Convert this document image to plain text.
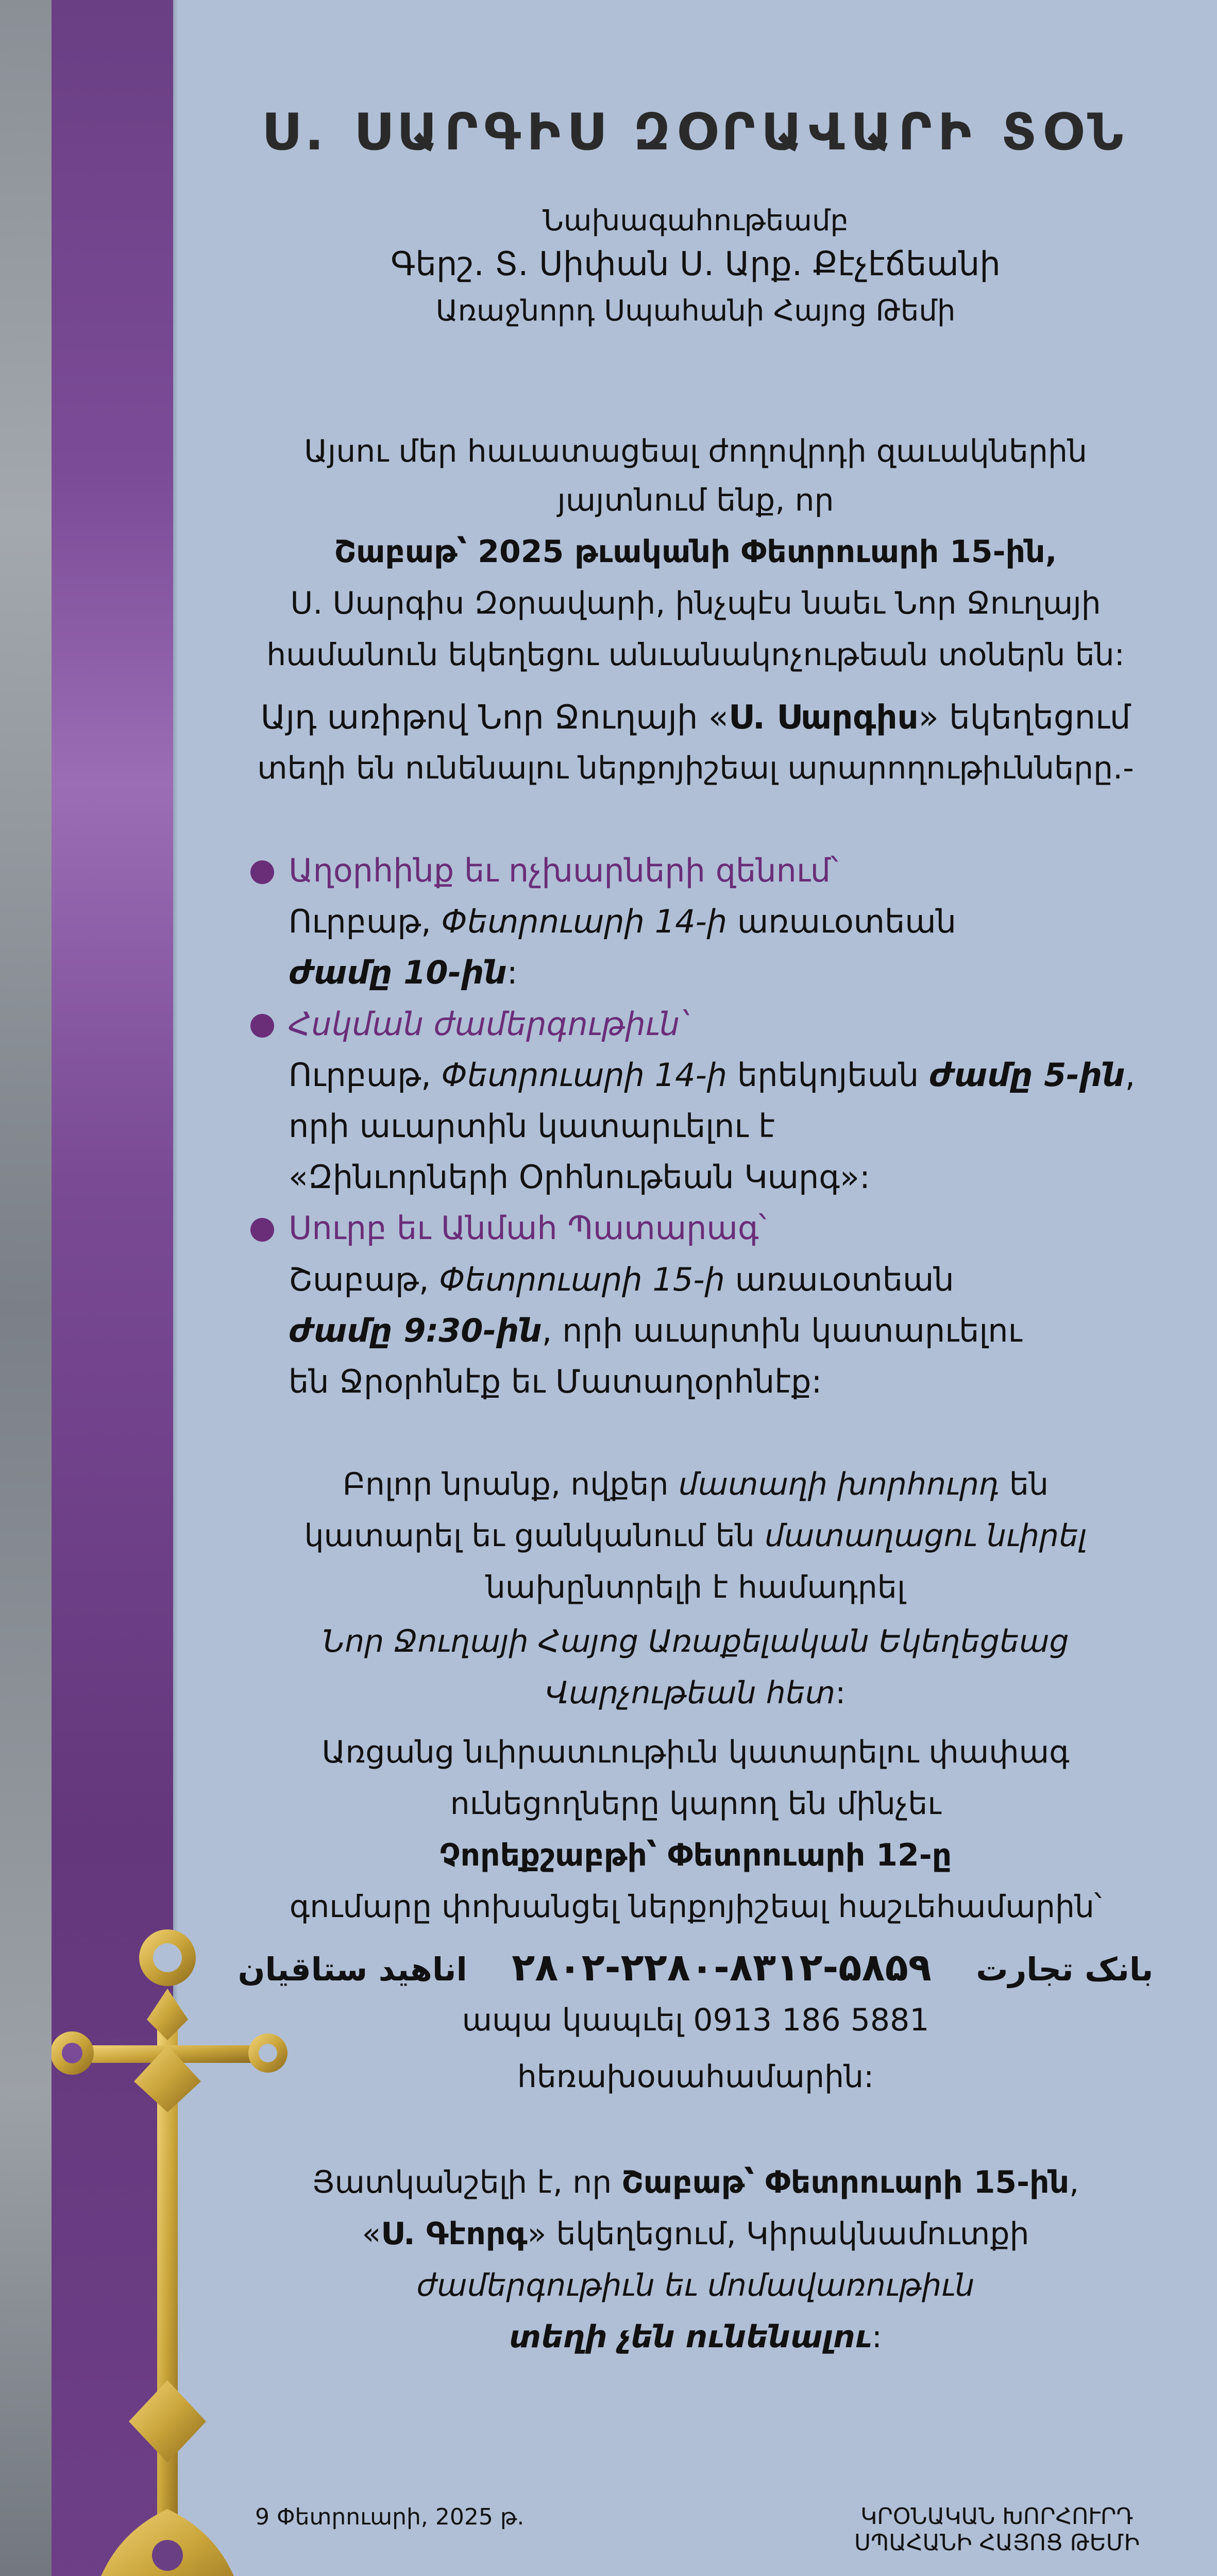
Ս. ՍԱՐԳԻՍ ԶՕՐԱՎԱՐԻ ՏՕՆ
Նախագահութեամբ
Գերշ. Տ. Սիփան Ս. Արք. Քէչէճեանի
Առաջնորդ Սպահանի Հայոց Թեմի
Այսու մեր հաւատացեալ ժողովրդի զաւակներին
յայտնում ենք, որ
Շաբաթ՝ 2025 թւականի Փետրուարի 15-ին,
Ս. Սարգիս Զօրավարի, ինչպէս նաեւ Նոր Ջուղայի
համանուն եկեղեցու անւանակոչութեան տօներն են:
Այդ առիթով Նոր Ջուղայի «Ս. Սարգիս» եկեղեցում
տեղի են ունենալու ներքոյիշեալ արարողութիւնները.-
Աղօրհինք եւ ոչխարների զենում՝
Ուրբաթ, Փետրուարի 14-ի առաւօտեան
ժամը 10-ին:
Հսկման ժամերգութիւն՝
Ուրբաթ, Փետրուարի 14-ի երեկոյեան ժամը 5-ին,
որի աւարտին կատարւելու է
«Զինւորների Օրհնութեան Կարգ»:
Սուրբ եւ Անմահ Պատարագ՝
Շաբաթ, Փետրուարի 15-ի առաւօտեան
ժամը 9:30-ին, որի աւարտին կատարւելու
են Ջրօրհնէք եւ Մատաղօրհնէք:
Բոլոր նրանք, ովքեր մատաղի խորհուրդ են
կատարել եւ ցանկանում են մատաղացու նւիրել
նախընտրելի է համադրել
Նոր Ջուղայի Հայոց Առաքելական Եկեղեցեաց
Վարչութեան հետ:
Առցանց նւիրատւութիւն կատարելու փափագ
ունեցողները կարող են մինչեւ
Չորեքշաբթի՝ Փետրուարի 12-ը
գումարը փոխանցել ներքոյիշեալ հաշւեհամարին՝
بانک تجارت    ۵۸۵۹-۸۳۱۲-۲۲۸۰-۲۸۰۲    اناهید ستاقیان
ապա կապւել 0913 186 5881
հեռախօսահամարին:
Յատկանշելի է, որ Շաբաթ՝ Փետրուարի 15-ին,
«Ս. Գէորգ» եկեղեցում, Կիրակնամուտքի
ժամերգութիւն եւ մոմավառութիւն
տեղի չեն ունենալու:
9 Փետրուարի, 2025 թ.	ԿՐՕՆԱԿԱՆ ԽՈՐՀՈՒՐԴ
ՍՊԱՀԱՆԻ ՀԱՅՈՑ ԹԵՄԻ
